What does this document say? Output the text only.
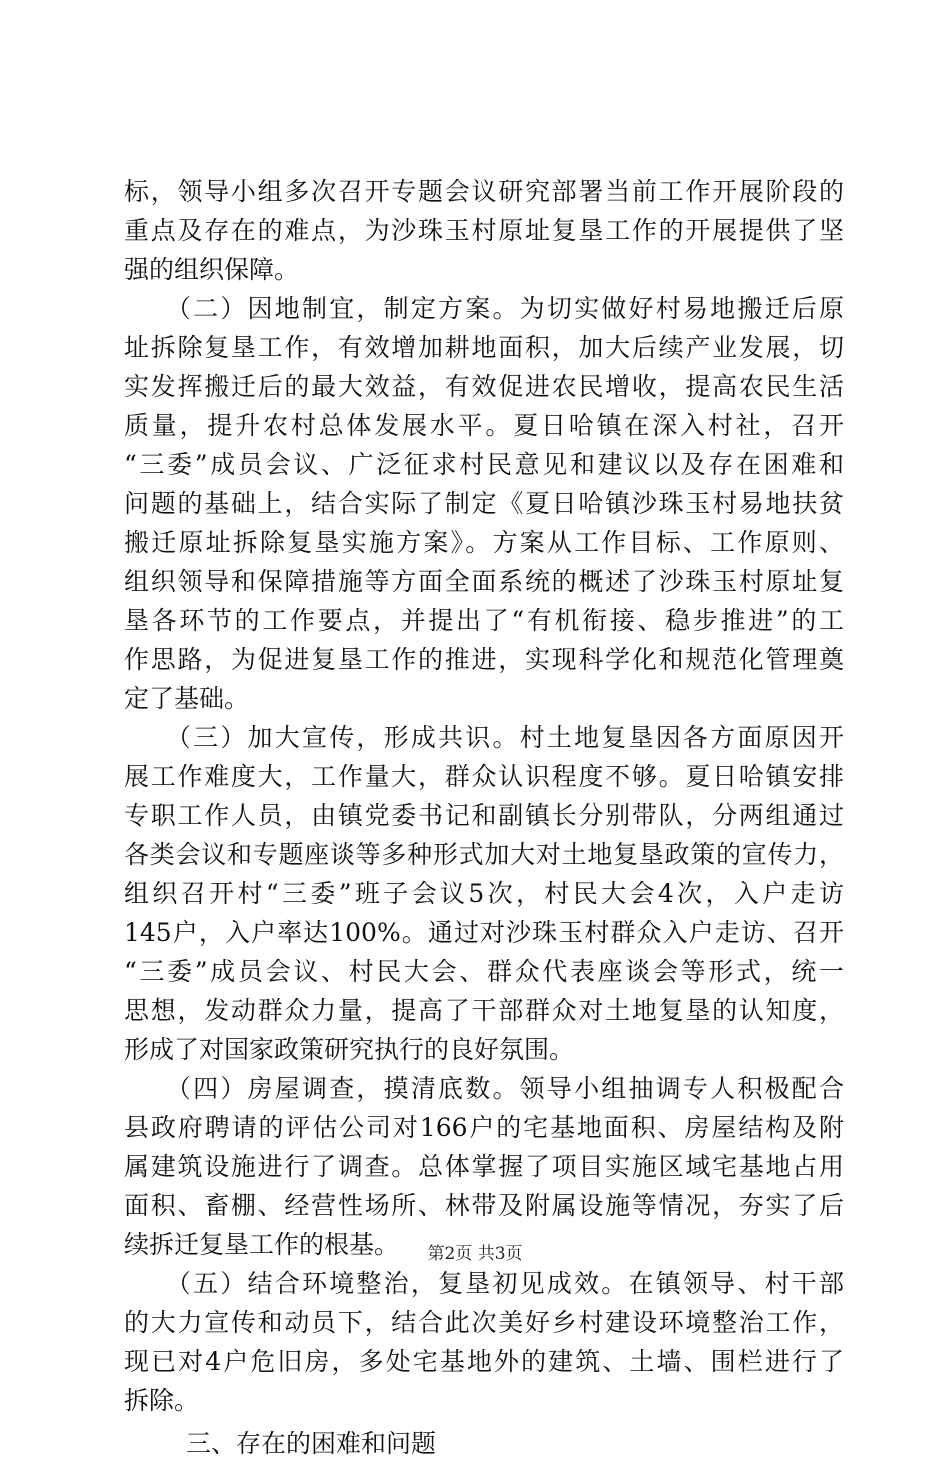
标，领导小组多次召开专题会议研究部署当前工作开展阶段的
重点及存在的难点，为沙珠玉村原址复垦工作的开展提供了坚
强的组织保障。
　　（二）因地制宜，制定方案。为切实做好村易地搬迁后原
址拆除复垦工作，有效增加耕地面积，加大后续产业发展，切
实发挥搬迁后的最大效益，有效促进农民增收，提高农民生活
质量，提升农村总体发展水平。夏日哈镇在深入村社，召开
“三委”成员会议、广泛征求村民意见和建议以及存在困难和
问题的基础上，结合实际了制定《夏日哈镇沙珠玉村易地扶贫
搬迁原址拆除复垦实施方案》。方案从工作目标、工作原则、
组织领导和保障措施等方面全面系统的概述了沙珠玉村原址复
垦各环节的工作要点，并提出了“有机衔接、稳步推进”的工
作思路，为促进复垦工作的推进，实现科学化和规范化管理奠
定了基础。
　　（三）加大宣传，形成共识。村土地复垦因各方面原因开
展工作难度大，工作量大，群众认识程度不够。夏日哈镇安排
专职工作人员，由镇党委书记和副镇长分别带队，分两组通过
各类会议和专题座谈等多种形式加大对土地复垦政策的宣传力，
组织召开村“三委”班子会议5次，村民大会4次，入户走访
145户，入户率达100%。通过对沙珠玉村群众入户走访、召开
“三委”成员会议、村民大会、群众代表座谈会等形式，统一
思想，发动群众力量，提高了干部群众对土地复垦的认知度，
形成了对国家政策研究执行的良好氛围。
　　（四）房屋调查，摸清底数。领导小组抽调专人积极配合
县政府聘请的评估公司对166户的宅基地面积、房屋结构及附
属建筑设施进行了调查。总体掌握了项目实施区域宅基地占用
面积、畜棚、经营性场所、林带及附属设施等情况，夯实了后
续拆迁复垦工作的根基。
　　（五）结合环境整治，复垦初见成效。在镇领导、村干部
的大力宣传和动员下，结合此次美好乡村建设环境整治工作，
现已对4户危旧房，多处宅基地外的建筑、土墙、围栏进行了
拆除。
三、存在的困难和问题
第2页 共3页
